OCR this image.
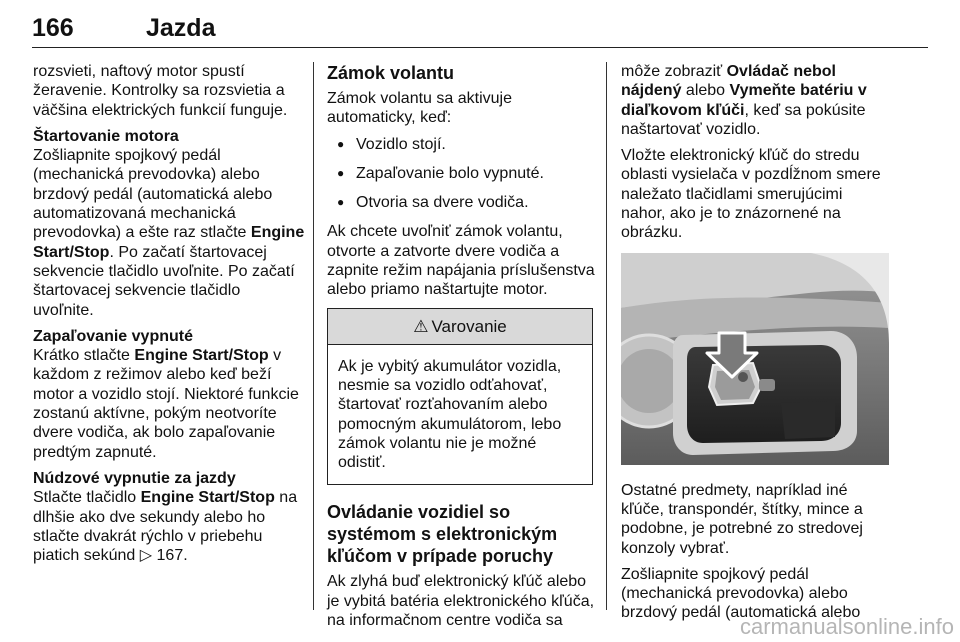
166	Jazda

rozsvieti, naftový motor spustí žeravenie. Kontrolky sa rozsvietia a väčšina elektrických funkcií funguje.

Štartovanie motora
Zošliapnite spojkový pedál (mechanická prevodovka) alebo brzdový pedál (automatická alebo automatizovaná mechanická prevodovka) a ešte raz stlačte Engine Start/Stop. Po začatí štartovacej sekvencie tlačidlo uvoľnite. Po začatí štartovacej sekvencie tlačidlo uvoľnite.

Zapaľovanie vypnuté
Krátko stlačte Engine Start/Stop v každom z režimov alebo keď beží motor a vozidlo stojí. Niektoré funkcie zostanú aktívne, pokým neotvoríte dvere vodiča, ak bolo zapaľovanie predtým zapnuté.

Núdzové vypnutie za jazdy
Stlačte tlačidlo Engine Start/Stop na dlhšie ako dve sekundy alebo ho stlačte dvakrát rýchlo v priebehu piatich sekúnd ▷ 167.

Zámok volantu

Zámok volantu sa aktivuje automaticky, keď:

● Vozidlo stojí.
● Zapaľovanie bolo vypnuté.
● Otvoria sa dvere vodiča.

Ak chcete uvoľniť zámok volantu, otvorte a zatvorte dvere vodiča a zapnite režim napájania príslušenstva alebo priamo naštartujte motor.

⚠ Varovanie
Ak je vybitý akumulátor vozidla, nesmie sa vozidlo odťahovať, štartovať rozťahovaním alebo pomocným akumulátorom, lebo zámok volantu nie je možné odistiť.
Ovládanie vozidiel so systémom s elektronickým kľúčom v prípade poruchy

Ak zlyhá buď elektronický kľúč alebo je vybitá batéria elektronického kľúča, na informačnom centre vodiča sa

môže zobraziť Ovládač nebol nájdený alebo Vymeňte batériu v diaľkovom kľúči, keď sa pokúsite naštartovať vozidlo.

Vložte elektronický kľúč do stredu oblasti vysielača v pozdĺžnom smere naležato tlačidlami smerujúcimi nahor, ako je to znázornené na obrázku.

Ostatné predmety, napríklad iné kľúče, transpondér, štítky, mince a podobne, je potrebné zo stredovej konzoly vybrať.

Zošliapnite spojkový pedál (mechanická prevodovka) alebo brzdový pedál (automatická alebo

carmanualsonline.info
